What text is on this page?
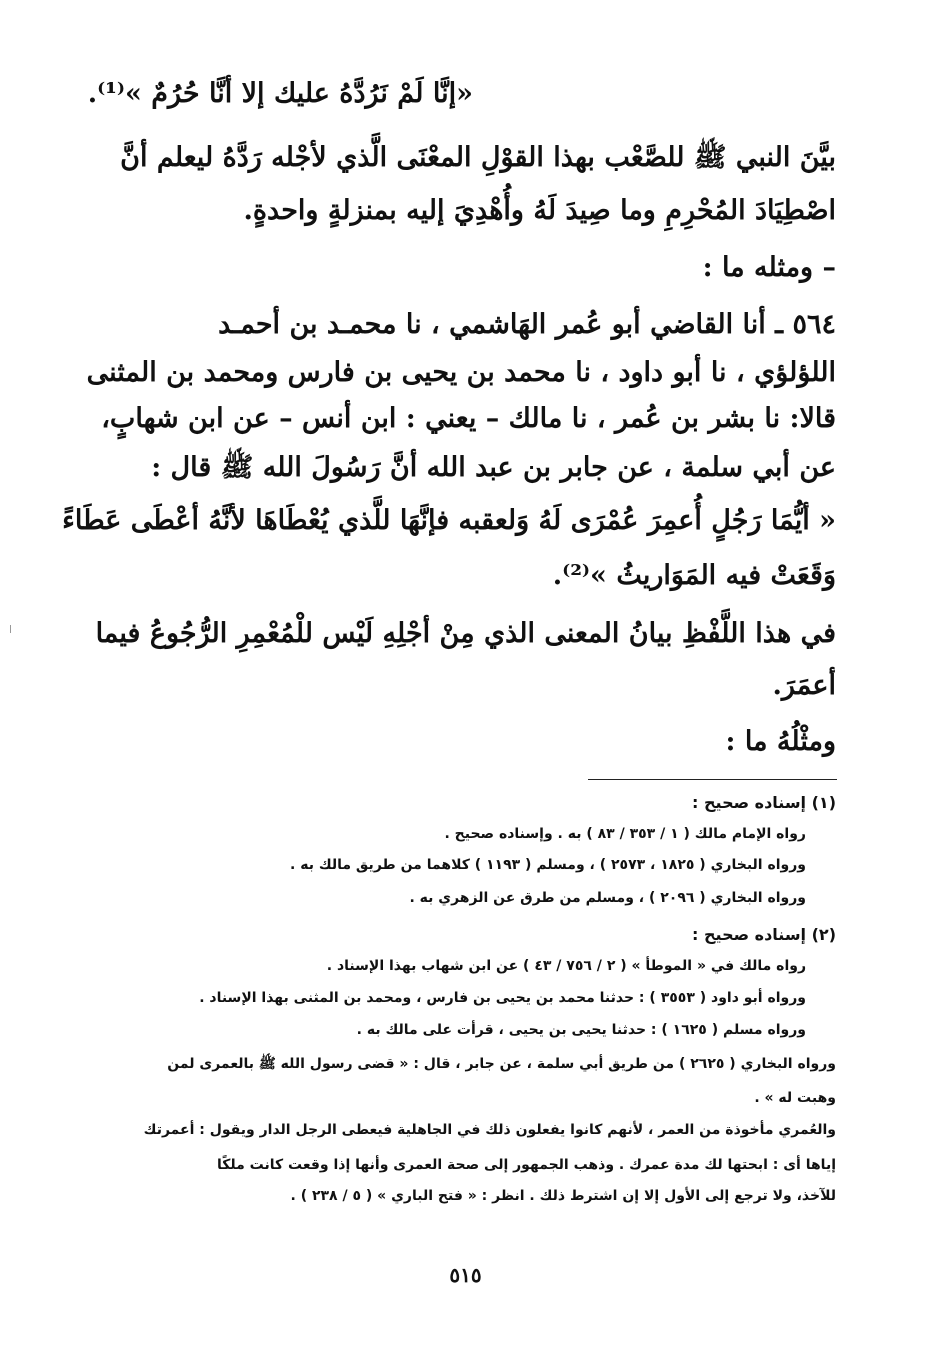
«إنَّا لَمْ نَرُدَّهُ عليك إلا أنَّا حُرُمٌ »⁽¹⁾.
بيَّنَ النبي ﷺ للصَّعْب بهذا القوْلِ المعْنَى الَّذي لأجْله رَدَّهُ ليعلم أنَّ
اصْطِيَادَ المُحْرِمِ وما صِيدَ لَهُ وأُهْدِيَ إليه بمنزلةٍ واحدةٍ.
– ومثله ما :
٥٦٤ ـ أنا القاضي أبو عُمر الهَاشمي ، نا محمـد بن أحمـد
اللؤلؤي ، نا أبو داود ، نا محمد بن يحيى بن فارس ومحمد بن المثنى
قالا: نا بشر بن عُمر ، نا مالك – يعني : ابن أنس – عن ابن شهابٍ،
عن أبي سلمة ، عن جابر بن عبد الله أنَّ رَسُولَ الله ﷺ قال :
« أيُّمَا رَجُلٍ أُعمِرَ عُمْرَى لَهُ وَلعقبه فإنَّهَا للَّذي يُعْطَاهَا لأنَّهُ أعْطَى عَطَاءً
وَقَعَتْ فيه المَوَاريثُ »⁽²⁾.
في هذا اللَّفْظِ بيانُ المعنى الذي مِنْ أجْلِهِ لَيْس للْمُعْمِرِ الرُّجُوعُ فيما
أعمَرَ.
ومثْلُهُ ما :
(١) إسناده صحيح :
رواه الإمام مالك ( ١ / ٣٥٣ / ٨٣ ) به . وإسناده صحيح .
ورواه البخاري ( ١٨٢٥ ، ٢٥٧٣ ) ، ومسلم ( ١١٩٣ ) كلاهما من طريق مالك به .
ورواه البخاري ( ٢٠٩٦ ) ، ومسلم من طرق عن الزهري به .
(٢) إسناده صحيح :
رواه مالك في « الموطأ » ( ٢ / ٧٥٦ / ٤٣ ) عن ابن شهاب بهذا الإسناد .
ورواه أبو داود ( ٣٥٥٣ ) : حدثنا محمد بن يحيى بن فارس ، ومحمد بن المثنى بهذا الإسناد .
ورواه مسلم ( ١٦٢٥ ) : حدثنا يحيى بن يحيى ، قرأت على مالك به .
ورواه البخاري ( ٢٦٢٥ ) من طريق أبي سلمة ، عن جابر ، قال : « قضى رسول الله ﷺ بالعمرى لمن
وهبت له » .
والعُمري مأخوذة من العمر ، لأنهم كانوا يفعلون ذلك في الجاهلية فيعطى الرجل الدار ويقول : أعمرتك
إياها أى : ابحتها لك مدة عمرك . وذهب الجمهور إلى صحة العمرى وأنها إذا وقعت كانت ملكًا
للآخذ، ولا ترجع إلى الأول إلا إن اشترط ذلك . انظر : « فتح الباري » ( ٥ / ٢٣٨ ) .
٥١٥
